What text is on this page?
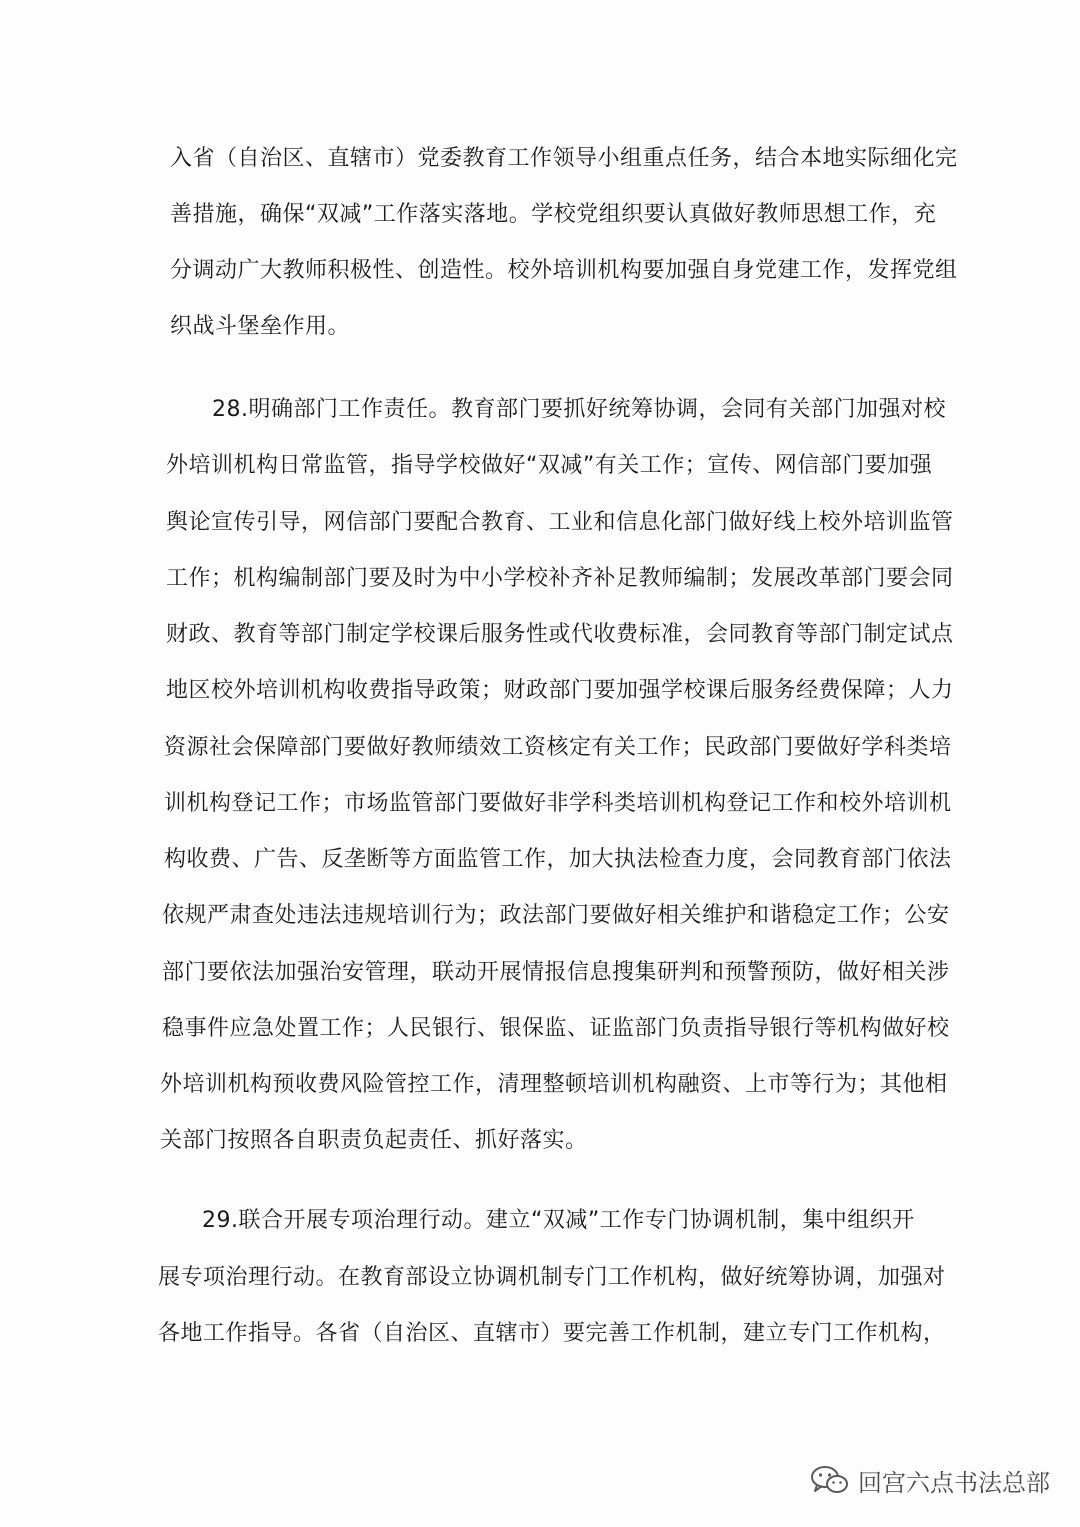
入省（自治区、直辖市）党委教育工作领导小组重点任务，结合本地实际细化完
善措施，确保“双减”工作落实落地。学校党组织要认真做好教师思想工作，充
分调动广大教师积极性、创造性。校外培训机构要加强自身党建工作，发挥党组
织战斗堡垒作用。
28.明确部门工作责任。教育部门要抓好统筹协调，会同有关部门加强对校
外培训机构日常监管，指导学校做好“双减”有关工作；宣传、网信部门要加强
舆论宣传引导，网信部门要配合教育、工业和信息化部门做好线上校外培训监管
工作；机构编制部门要及时为中小学校补齐补足教师编制；发展改革部门要会同
财政、教育等部门制定学校课后服务性或代收费标准，会同教育等部门制定试点
地区校外培训机构收费指导政策；财政部门要加强学校课后服务经费保障；人力
资源社会保障部门要做好教师绩效工资核定有关工作；民政部门要做好学科类培
训机构登记工作；市场监管部门要做好非学科类培训机构登记工作和校外培训机
构收费、广告、反垄断等方面监管工作，加大执法检查力度，会同教育部门依法
依规严肃查处违法违规培训行为；政法部门要做好相关维护和谐稳定工作；公安
部门要依法加强治安管理，联动开展情报信息搜集研判和预警预防，做好相关涉
稳事件应急处置工作；人民银行、银保监、证监部门负责指导银行等机构做好校
外培训机构预收费风险管控工作，清理整顿培训机构融资、上市等行为；其他相
关部门按照各自职责负起责任、抓好落实。
29.联合开展专项治理行动。建立“双减”工作专门协调机制，集中组织开
展专项治理行动。在教育部设立协调机制专门工作机构，做好统筹协调，加强对
各地工作指导。各省（自治区、直辖市）要完善工作机制，建立专门工作机构，
回宫六点书法总部
